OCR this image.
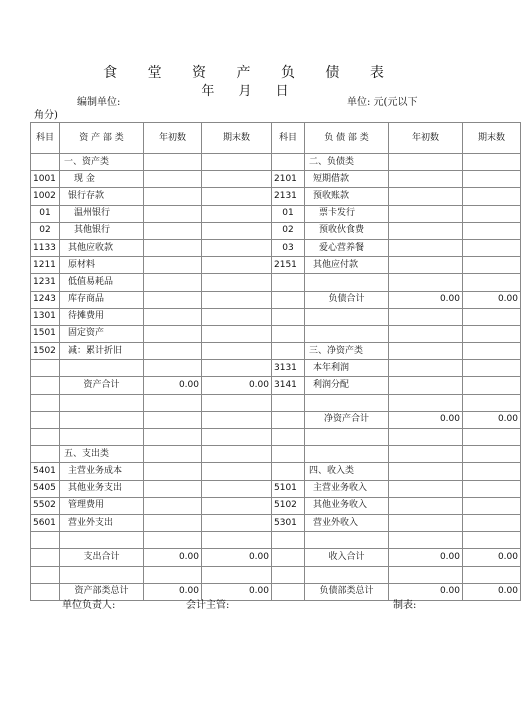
食 堂 资 产 负 债 表
年 月 日
编制单位:	单位: 元(元以下
角分)
科目	资 产 部 类	年初数	期末数	科目	负 债 部 类	年初数	期末数
	一、资产类				二、负债类		
1001	现 金			2101	短期借款		
1002	银行存款			2131	预收账款		
01	温州银行			01	票卡发行		
02	其他银行			02	预收伙食费		
1133	其他应收款			03	爱心营养餐		
1211	原材料			2151	其他应付款		
1231	低值易耗品						
1243	库存商品				负债合计	0.00	0.00
1301	待摊费用						
1501	固定资产						
1502	减：累计折旧				三、净资产类		
				3131	本年利润		
	资产合计	0.00	0.00	3141	利润分配		

					净资产合计	0.00	0.00

	五、支出类						
5401	主营业务成本				四、收入类		
5405	其他业务支出			5101	主营业务收入		
5502	管理费用			5102	其他业务收入		
5601	营业外支出			5301	营业外收入		

	支出合计	0.00	0.00		收入合计	0.00	0.00

	资产部类总计	0.00	0.00		负债部类总计	0.00	0.00
单位负责人:	会计主管:	制表:
